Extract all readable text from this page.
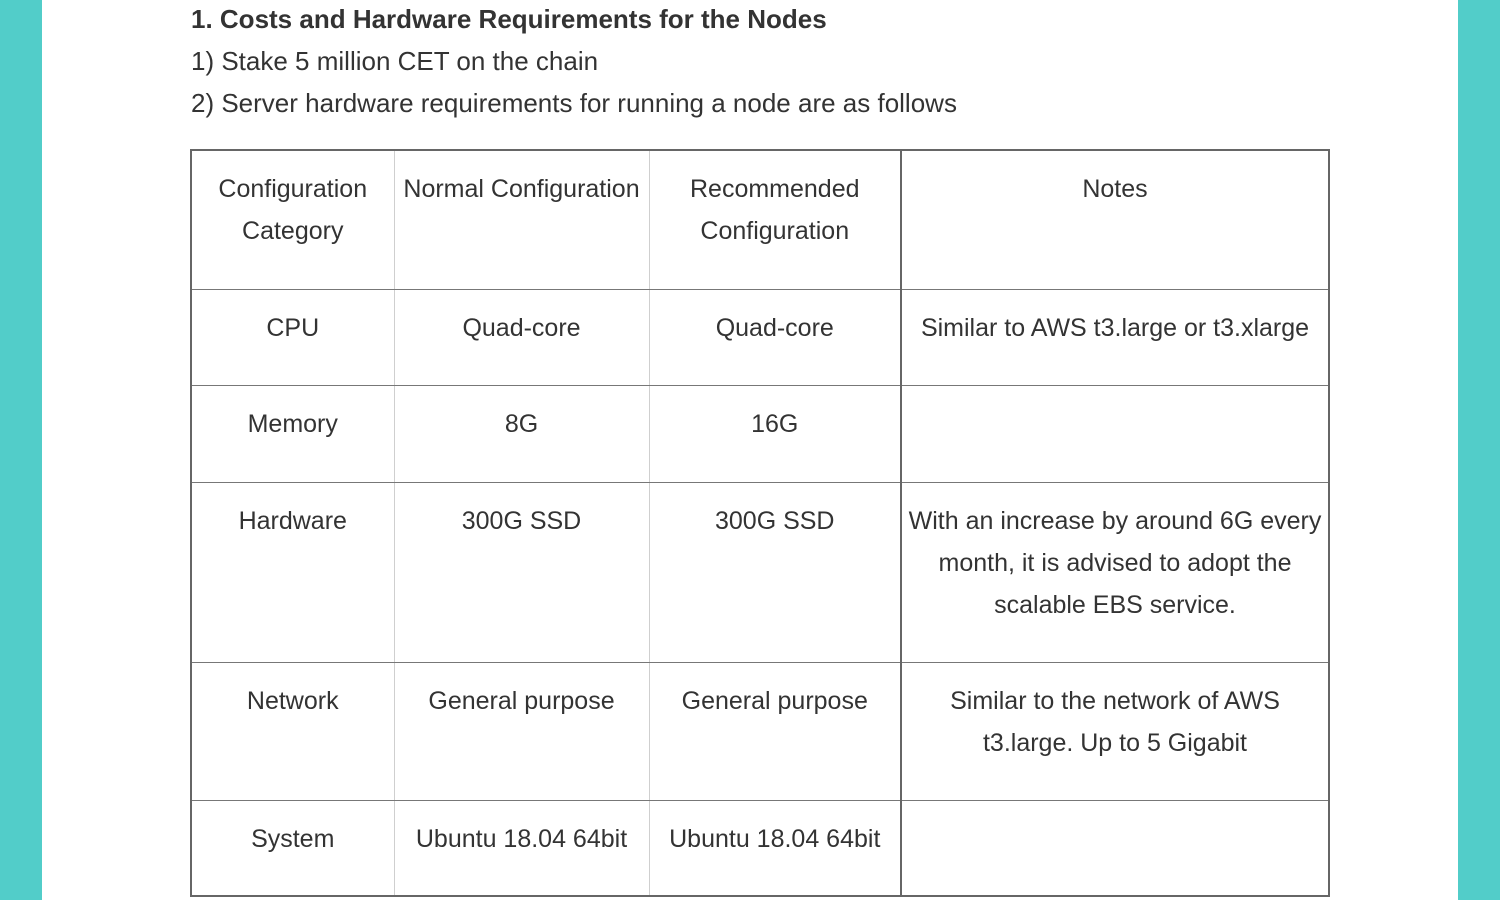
1. Costs and Hardware Requirements for the Nodes

1) Stake 5 million CET on the chain

2) Server hardware requirements for running a node are as follows

Configuration Category	Normal Configuration	Recommended Configuration	Notes
CPU	Quad-core	Quad-core	Similar to AWS t3.large or t3.xlarge
Memory	8G	16G	
Hardware	300G SSD	300G SSD	With an increase by around 6G every month, it is advised to adopt the scalable EBS service.
Network	General purpose	General purpose	Similar to the network of AWS t3.large. Up to 5 Gigabit
System	Ubuntu 18.04 64bit	Ubuntu 18.04 64bit	
